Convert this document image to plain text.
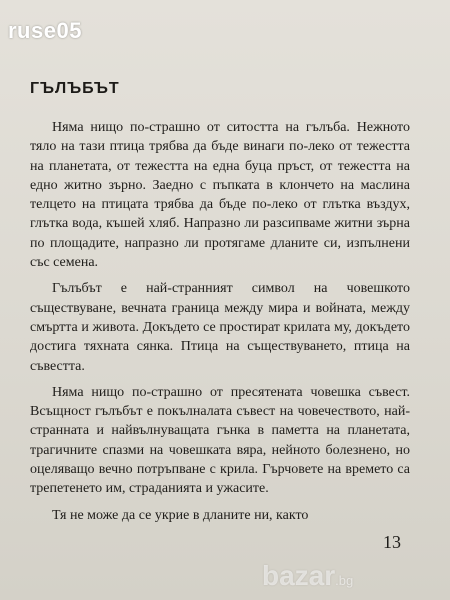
ruse05
ГЪЛЪБЪТ

Няма нищо по-страшно от ситостта на гълъба. Нежното тяло на тази птица трябва да бъде винаги по-леко от тежестта на планетата, от тежестта на една буца пръст, от тежестта на едно житно зърно. Заедно с пъпката в клончето на маслина телцето на птицата трябва да бъде по-леко от глътка въздух, глътка вода, къшей хляб. Напразно ли разсипваме житни зърна по площадите, напразно ли протягаме дланите си, изпълнени със семена.

Гълъбът е най-странният символ на човешкото съществуване, вечната граница между мира и войната, между смъртта и живота. Докъдето се простират крилата му, докъдето достига тяхната сянка. Птица на съществуването, птица на съвестта.

Няма нищо по-страшно от пресятената човешка съвест. Всъщност гълъбът е покълналата съвест на човечеството, най-странната и найвълнуващата гънка в паметта на планетата, трагичните спазми на човешката вяра, нейното болезнено, но оцеляващо вечно потръпване с крила. Гърчовете на времето са трепетенето им, страданията и ужасите.

Тя не може да се укрие в дланите ни, както

13
bazar.bg
